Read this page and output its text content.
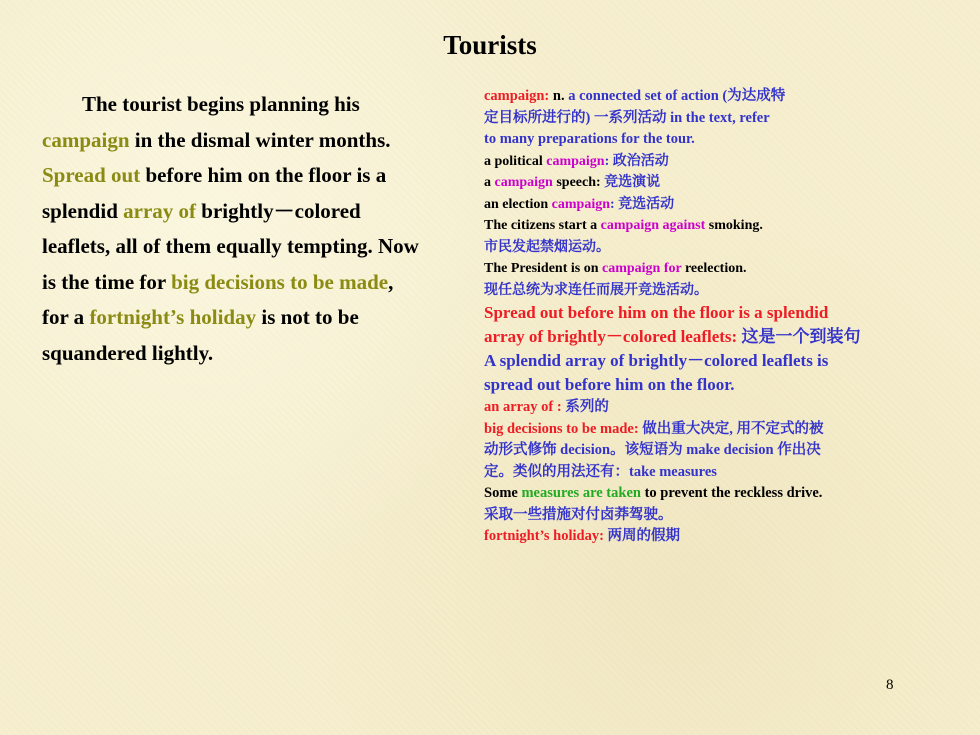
Tourists
The tourist begins planning his campaign in the dismal winter months. Spread out before him on the floor is a splendid array of brightly－colored leaflets, all of them equally tempting. Now is the time for big decisions to be made, for a fortnight’s holiday is not to be squandered lightly.
campaign: n. a connected set of action (为达成特
定目标所进行的) 一系列活动 in the text, refer
to many preparations for the tour.
a political campaign: 政治活动
a campaign speech: 竞选演说
an election campaign: 竞选活动
The citizens start a campaign against smoking.
市民发起禁烟运动。
The President is on campaign for reelection.
现任总统为求连任而展开竞选活动。
Spread out before him on the floor is a splendid
array of brightly－colored leaflets: 这是一个到装句
A splendid array of brightly－colored leaflets is
spread out before him on the floor.
an array of : 系列的
big decisions to be made: 做出重大决定, 用不定式的被
动形式修饰 decision。该短语为 make decision 作出决
定。类似的用法还有：take measures
Some measures are taken to prevent the reckless drive.
采取一些措施对付卤莽驾驶。
fortnight’s holiday: 两周的假期
8
